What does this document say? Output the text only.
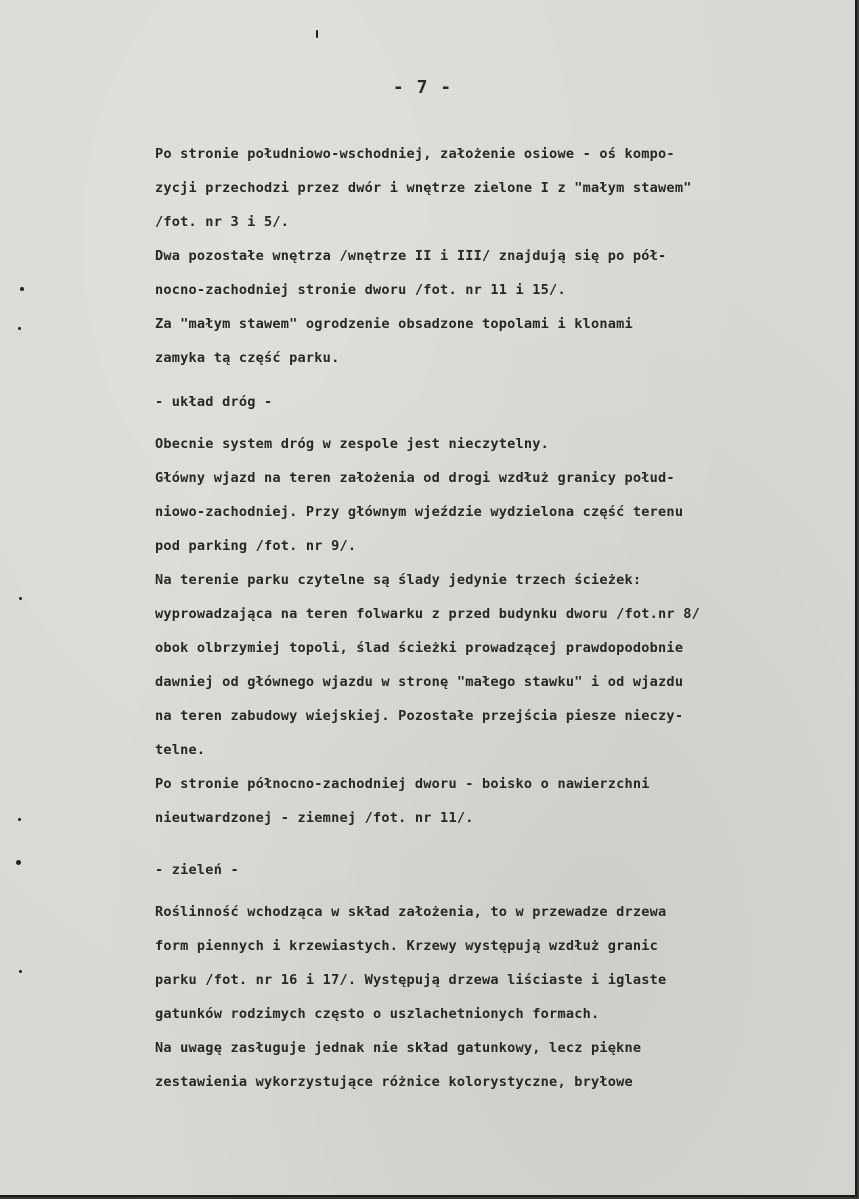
- 7 -
Po stronie południowo-wschodniej, założenie osiowe - oś kompo-
zycji przechodzi przez dwór i wnętrze zielone I z "małym stawem"
/fot. nr 3 i 5/.
Dwa pozostałe wnętrza /wnętrze II i III/ znajdują się po pół-
nocno-zachodniej stronie dworu /fot. nr 11 i 15/.
Za "małym stawem" ogrodzenie obsadzone topolami i klonami
zamyka tą część parku.
- układ dróg -
Obecnie system dróg w zespole jest nieczytelny.
Główny wjazd na teren założenia od drogi wzdłuż granicy połud-
niowo-zachodniej. Przy głównym wjeździe wydzielona część terenu
pod parking /fot. nr 9/.
Na terenie parku czytelne są ślady jedynie trzech ścieżek:
wyprowadzająca na teren folwarku z przed budynku dworu /fot.nr 8/
obok olbrzymiej topoli, ślad ścieżki prowadzącej prawdopodobnie
dawniej od głównego wjazdu w stronę "małego stawku" i od wjazdu
na teren zabudowy wiejskiej. Pozostałe przejścia piesze nieczy-
telne.
Po stronie północno-zachodniej dworu - boisko o nawierzchni
nieutwardzonej - ziemnej /fot. nr 11/.
- zieleń -
Roślinność wchodząca w skład założenia, to w przewadze drzewa
form piennych i krzewiastych. Krzewy występują wzdłuż granic
parku /fot. nr 16 i 17/. Występują drzewa liściaste i iglaste
gatunków rodzimych często o uszlachetnionych formach.
Na uwagę zasługuje jednak nie skład gatunkowy, lecz piękne
zestawienia wykorzystujące różnice kolorystyczne, bryłowe
